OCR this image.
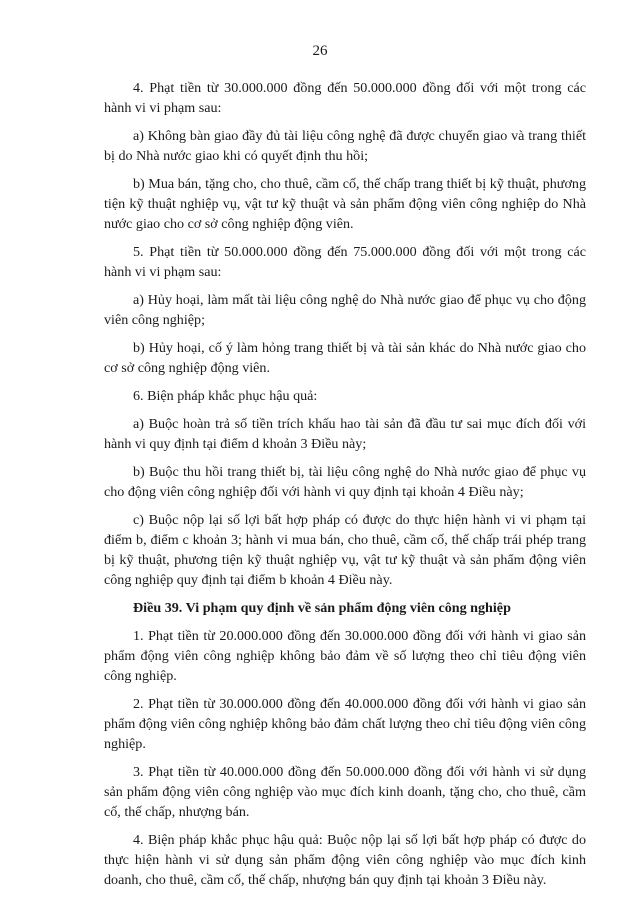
26

4. Phạt tiền từ 30.000.000 đồng đến 50.000.000 đồng đối với một trong các hành vi vi phạm sau:

a) Không bàn giao đầy đủ tài liệu công nghệ đã được chuyển giao và trang thiết bị do Nhà nước giao khi có quyết định thu hồi;

b) Mua bán, tặng cho, cho thuê, cầm cố, thế chấp trang thiết bị kỹ thuật, phương tiện kỹ thuật nghiệp vụ, vật tư kỹ thuật và sản phẩm động viên công nghiệp do Nhà nước giao cho cơ sở công nghiệp động viên.

5. Phạt tiền từ 50.000.000 đồng đến 75.000.000 đồng đối với một trong các hành vi vi phạm sau:

a) Hủy hoại, làm mất tài liệu công nghệ do Nhà nước giao để phục vụ cho động viên công nghiệp;

b) Hủy hoại, cố ý làm hỏng trang thiết bị và tài sản khác do Nhà nước giao cho cơ sở công nghiệp động viên.

6. Biện pháp khắc phục hậu quả:

a) Buộc hoàn trả số tiền trích khấu hao tài sản đã đầu tư sai mục đích đối với hành vi quy định tại điểm d khoản 3 Điều này;

b) Buộc thu hồi trang thiết bị, tài liệu công nghệ do Nhà nước giao để phục vụ cho động viên công nghiệp đối với hành vi quy định tại khoản 4 Điều này;

c) Buộc nộp lại số lợi bất hợp pháp có được do thực hiện hành vi vi phạm tại điểm b, điểm c khoản 3; hành vi mua bán, cho thuê, cầm cố, thế chấp trái phép trang bị kỹ thuật, phương tiện kỹ thuật nghiệp vụ, vật tư kỹ thuật và sản phẩm động viên công nghiệp quy định tại điểm b khoản 4 Điều này.

Điều 39. Vi phạm quy định về sản phẩm động viên công nghiệp

1. Phạt tiền từ 20.000.000 đồng đến 30.000.000 đồng đối với hành vi giao sản phẩm động viên công nghiệp không bảo đảm về số lượng theo chỉ tiêu động viên công nghiệp.

2. Phạt tiền từ 30.000.000 đồng đến 40.000.000 đồng đối với hành vi giao sản phẩm động viên công nghiệp không bảo đảm chất lượng theo chỉ tiêu động viên công nghiệp.

3. Phạt tiền từ 40.000.000 đồng đến 50.000.000 đồng đối với hành vi sử dụng sản phẩm động viên công nghiệp vào mục đích kinh doanh, tặng cho, cho thuê, cầm cố, thế chấp, nhượng bán.

4. Biện pháp khắc phục hậu quả: Buộc nộp lại số lợi bất hợp pháp có được do thực hiện hành vi sử dụng sản phẩm động viên công nghiệp vào mục đích kinh doanh, cho thuê, cầm cố, thế chấp, nhượng bán quy định tại khoản 3 Điều này.
